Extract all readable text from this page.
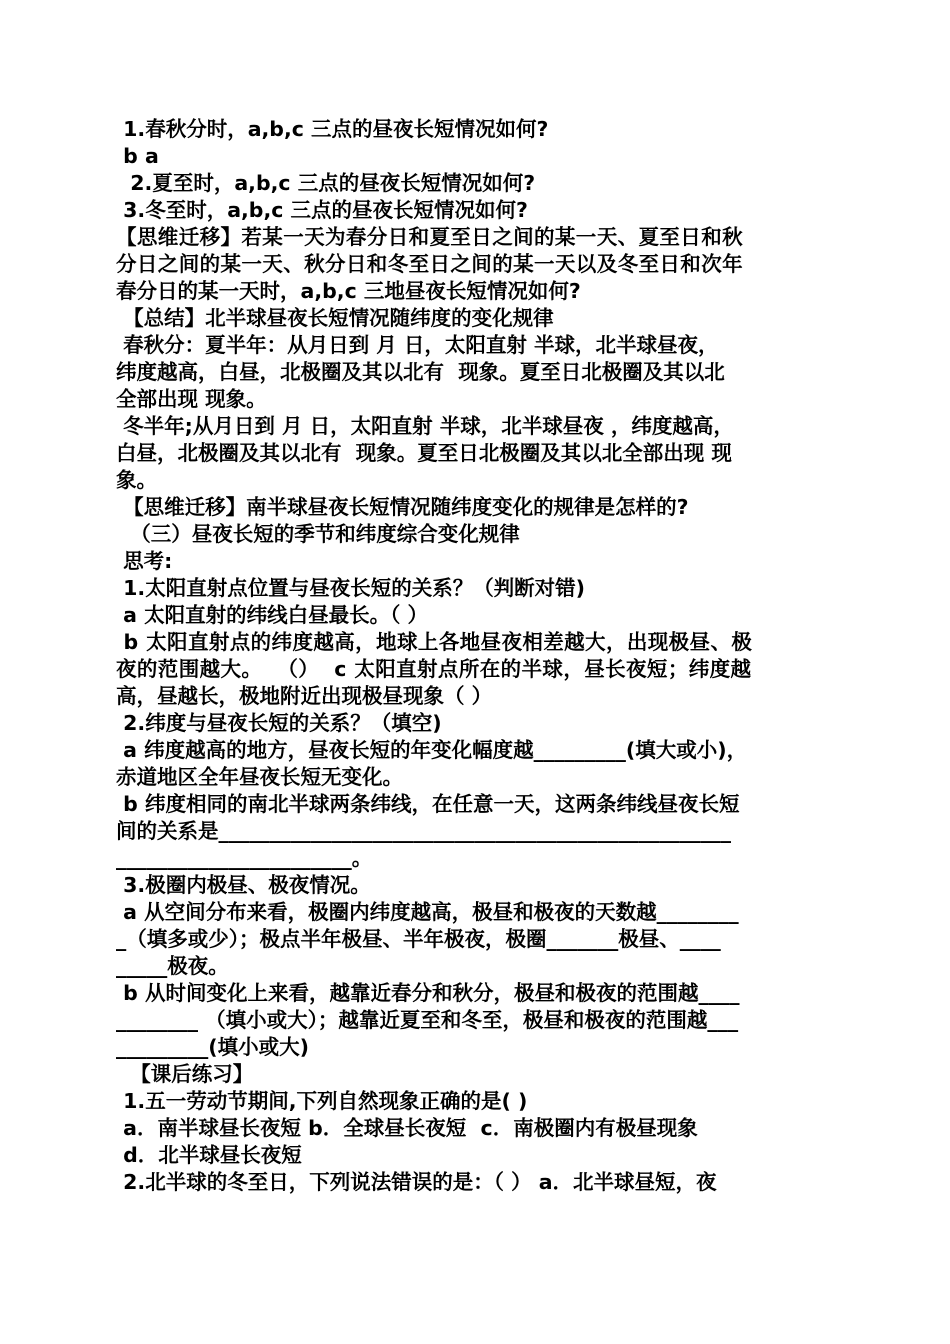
1.春秋分时，a,b,c 三点的昼夜长短情况如何?
b a
2.夏至时，a,b,c 三点的昼夜长短情况如何?
3.冬至时，a,b,c 三点的昼夜长短情况如何?
【思维迁移】若某一天为春分日和夏至日之间的某一天、夏至日和秋
分日之间的某一天、秋分日和冬至日之间的某一天以及冬至日和次年
春分日的某一天时，a,b,c 三地昼夜长短情况如何?
【总结】北半球昼夜长短情况随纬度的变化规律
春秋分：夏半年：从月日到 月 日，太阳直射 半球，北半球昼夜，
纬度越高，白昼，北极圈及其以北有  现象。夏至日北极圈及其以北
全部出现 现象。
冬半年;从月日到 月 日，太阳直射 半球，北半球昼夜 ，纬度越高，
白昼，北极圈及其以北有  现象。夏至日北极圈及其以北全部出现 现
象。
【思维迁移】南半球昼夜长短情况随纬度变化的规律是怎样的?
（三）昼夜长短的季节和纬度综合变化规律
思考:
1.太阳直射点位置与昼夜长短的关系？（判断对错)
a 太阳直射的纬线白昼最长。（ ）
b 太阳直射点的纬度越高，地球上各地昼夜相差越大，出现极昼、极
夜的范围越大。  （）  c 太阳直射点所在的半球，昼长夜短；纬度越
高，昼越长，极地附近出现极昼现象（ ）
2.纬度与昼夜长短的关系？（填空)
a 纬度越高的地方，昼夜长短的年变化幅度越_________(填大或小)，
赤道地区全年昼夜长短无变化。
b 纬度相同的南北半球两条纬线，在任意一天，这两条纬线昼夜长短
间的关系是__________________________________________________
_______________________。
3.极圈内极昼、极夜情况。
a 从空间分布来看，极圈内纬度越高，极昼和极夜的天数越________
_（填多或少）；极点半年极昼、半年极夜，极圈_______极昼、____
_____极夜。
b 从时间变化上来看，越靠近春分和秋分，极昼和极夜的范围越____
________ （填小或大）；越靠近夏至和冬至，极昼和极夜的范围越___
_________(填小或大)
【课后练习】
1.五一劳动节期间,下列自然现象正确的是( )
a．南半球昼长夜短 b．全球昼长夜短  c．南极圈内有极昼现象
d．北半球昼长夜短
2.北半球的冬至日，下列说法错误的是：（ ） a．北半球昼短，夜
